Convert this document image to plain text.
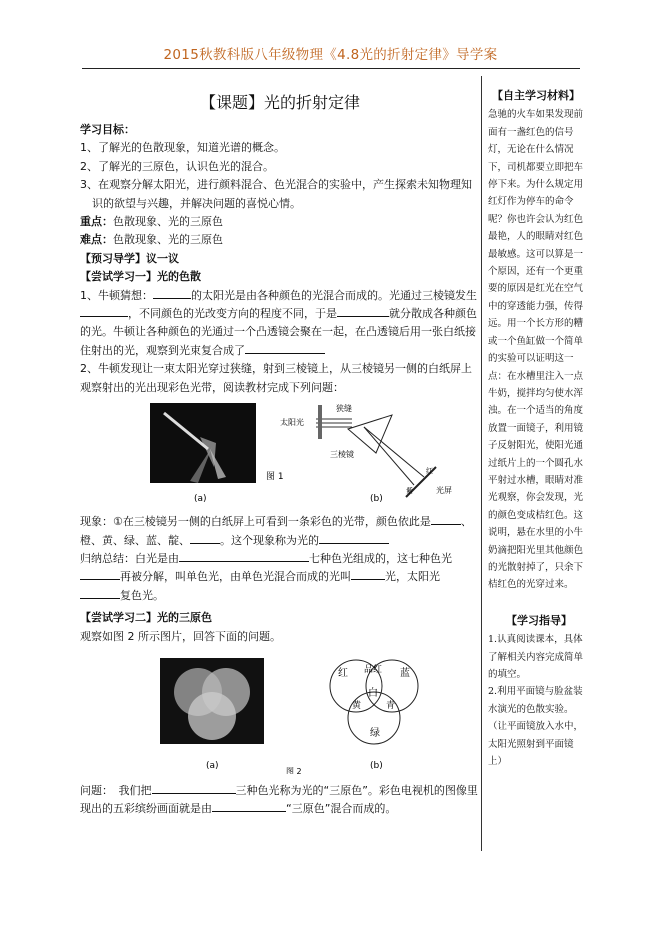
2015秋教科版八年级物理《4.8光的折射定律》导学案
【课题】光的折射定律

学习目标：

1、了解光的色散现象，知道光谱的概念。

2、了解光的三原色，认识色光的混合。

3、在观察分解太阳光，进行颜料混合、色光混合的实验中，产生探索未知物理知识的欲望与兴趣，并解决问题的喜悦心情。

重点：色散现象、光的三原色

难点：色散现象、光的三原色

【预习导学】议一议

【尝试学习一】光的色散

1、牛顿猜想：	的太阳光是由各种颜色的光混合而成的。光通过三棱镜发生，不同颜色的光改变方向的程度不同，于是	就分散成各种颜色的光。牛顿让各种颜色的光通过一个凸透镜会聚在一起，在凸透镜后用一张白纸接住射出的光，观察到光束复合成了

2、牛顿发现让一束太阳光穿过狭缝，射到三棱镜上，从三棱镜另一侧的白纸屏上观察射出的光出现彩色光带，阅读教材完成下列问题：

太阳光
狭缝
三棱镜
光屏
红
紫
图 1
(a)	(b)

现象：①在三棱镜另一侧的白纸屏上可看到一条彩色的光带，颜色依此是	、橙、黄、绿、蓝、靛、	。这个现象称为光的

归纳总结：白光是由	七种色光组成的，这七种色光再被分解，叫单色光，由单色光混合而成的光叫	光，太阳光复色光。

【尝试学习二】光的三原色

观察如图 2 所示图片，回答下面的问题。

(a)
红 品红 蓝
白
黄	青
绿
(b)
图 2

问题：　我们把	三种色光称为光的“三原色”。彩色电视机的图像里现出的五彩缤纷画面就是由	“三原色”混合而成的。

【自主学习材料】
急驰的火车如果发现前面有一盏红色的信号灯，无论在什么情况下，司机都要立即把车停下来。为什么规定用红灯作为停车的命令呢？你也许会认为红色最艳，人的眼睛对红色最敏感。这可以算是一个原因，还有一个更重要的原因是红光在空气中的穿透能力强，传得远。用一个长方形的糟或一个鱼缸做一个简单的实验可以证明这一点：在水槽里注入一点牛奶，搅拌均匀使水浑浊。在一个适当的角度放置一面镜子，利用镜子反射阳光，使阳光通过纸片上的一个圆孔水平射过水槽，眼睛对准光观察，你会发现，光的颜色变成桔红色。这说明，悬在水里的小牛奶滴把阳光里其他颜色的光散射掉了，只余下桔红色的光穿过来。
【学习指导】
1.认真阅读课本，具体了解相关内容完成简单的填空。
2.利用平面镜与脸盆装水演光的色散实验。（让平面镜放入水中，太阳光照射到平面镜上）
